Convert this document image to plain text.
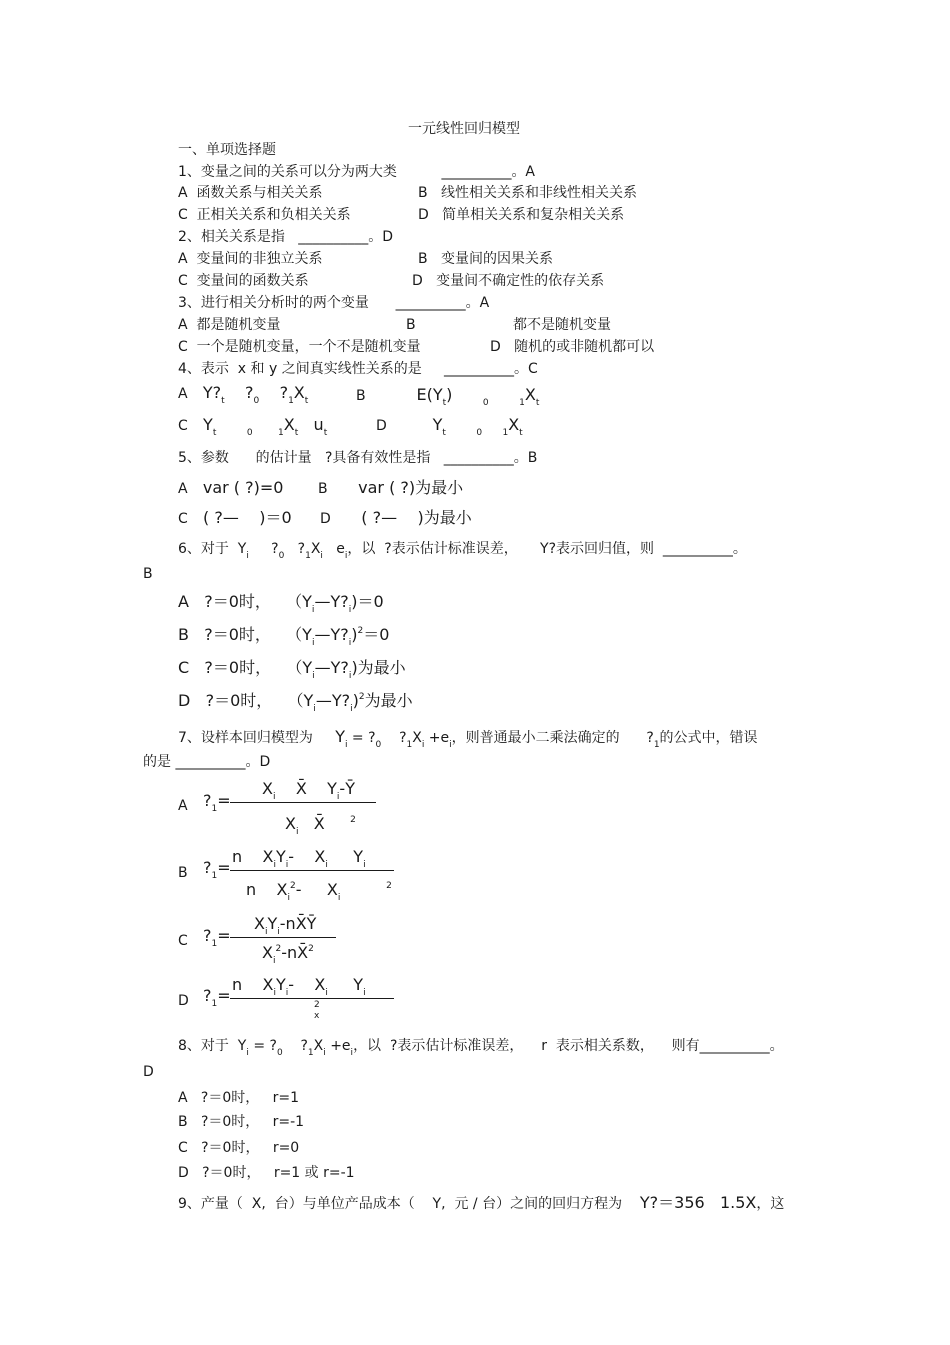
一元线性回归模型
一、单项选择题
1、变量之间的关系可以分为两大类	__________。A
A  函数关系与相关关系	B   线性相关关系和非线性相关关系
C  正相关关系和负相关关系	D   简单相关关系和复杂相关关系
2、相关关系是指 __________。D
A  变量间的非独立关系	B   变量间的因果关系
C  变量间的函数关系	D   变量间不确定性的依存关系
3、进行相关分析时的两个变量 __________。A
A  都是随机变量	B	都不是随机变量
C  一个是随机变量，一个不是随机变量	D   随机的或非随机都可以
4、表示  x 和 y 之间真实线性关系的是 __________。C
A $Y?_t$    $?_0$    $?_1X_t$	B	$E(Y_t)$      $_0$	$_1X_t$
C $Y_t$	$_0$	$_1X_t$   $u_t$	D	$Y_t$	$_0$ $_1X_t$
5、参数      的估计量   ?具备有效性是指 __________。B
A var ( ?)=0 B var ( ?)为最小
C ( ?—    )＝0 D ( ?—    )为最小
6、对于  $Y_i$     $?_0$   $?_1X_i$   $e_i$，以  ?表示估计标准误差， Y?表示回归值，则 __________。
B
A   ?＝0时，   $(Y_i—Y?_i)=0$
B   ?＝0时，   $(Y_i—Y?_i)^2=0$
C   ?＝0时，   $(Y_i—Y?_i)$为最小
D   ?＝0时，   $(Y_i—Y?_i)^2$为最小
7、设样本回归模型为 $Y_i$ = $?_0$    $?_1X_i +e_i$，则普通最小二乘法确定的      $?_1$的公式中，错误
的是 __________。D
A $?_1=$
$X_i$    X̄    $Y_i-Ȳ$
$X_i$   X̄     $^2$
B $?_1=$
n    $X_iY_i-$    $X_i$     $Y_i$
n    $X_i^2-$     $X_i$         $^2$
C $?_1=$
$X_iY_i-nX̄Ȳ$
$X_i^2-nX̄^2$
D $?_1=$
n    $X_iY_i-$    $X_i$     $Y_i$
2
x
8、对于  $Y_i$ = $?_0$    $?_1X_i +e_i$，以  ?表示估计标准误差，    r  表示相关系数，    则有__________。
D
A   ?＝0时，   r=1
B   ?＝0时，   r=-1
C   ?＝0时，   r=0
D   ?＝0时，   r=1 或 r=-1
9、产量（  X,  台）与单位产品成本（    Y,  元 / 台）之间的回归方程为 Y?＝356   1.5X，这
